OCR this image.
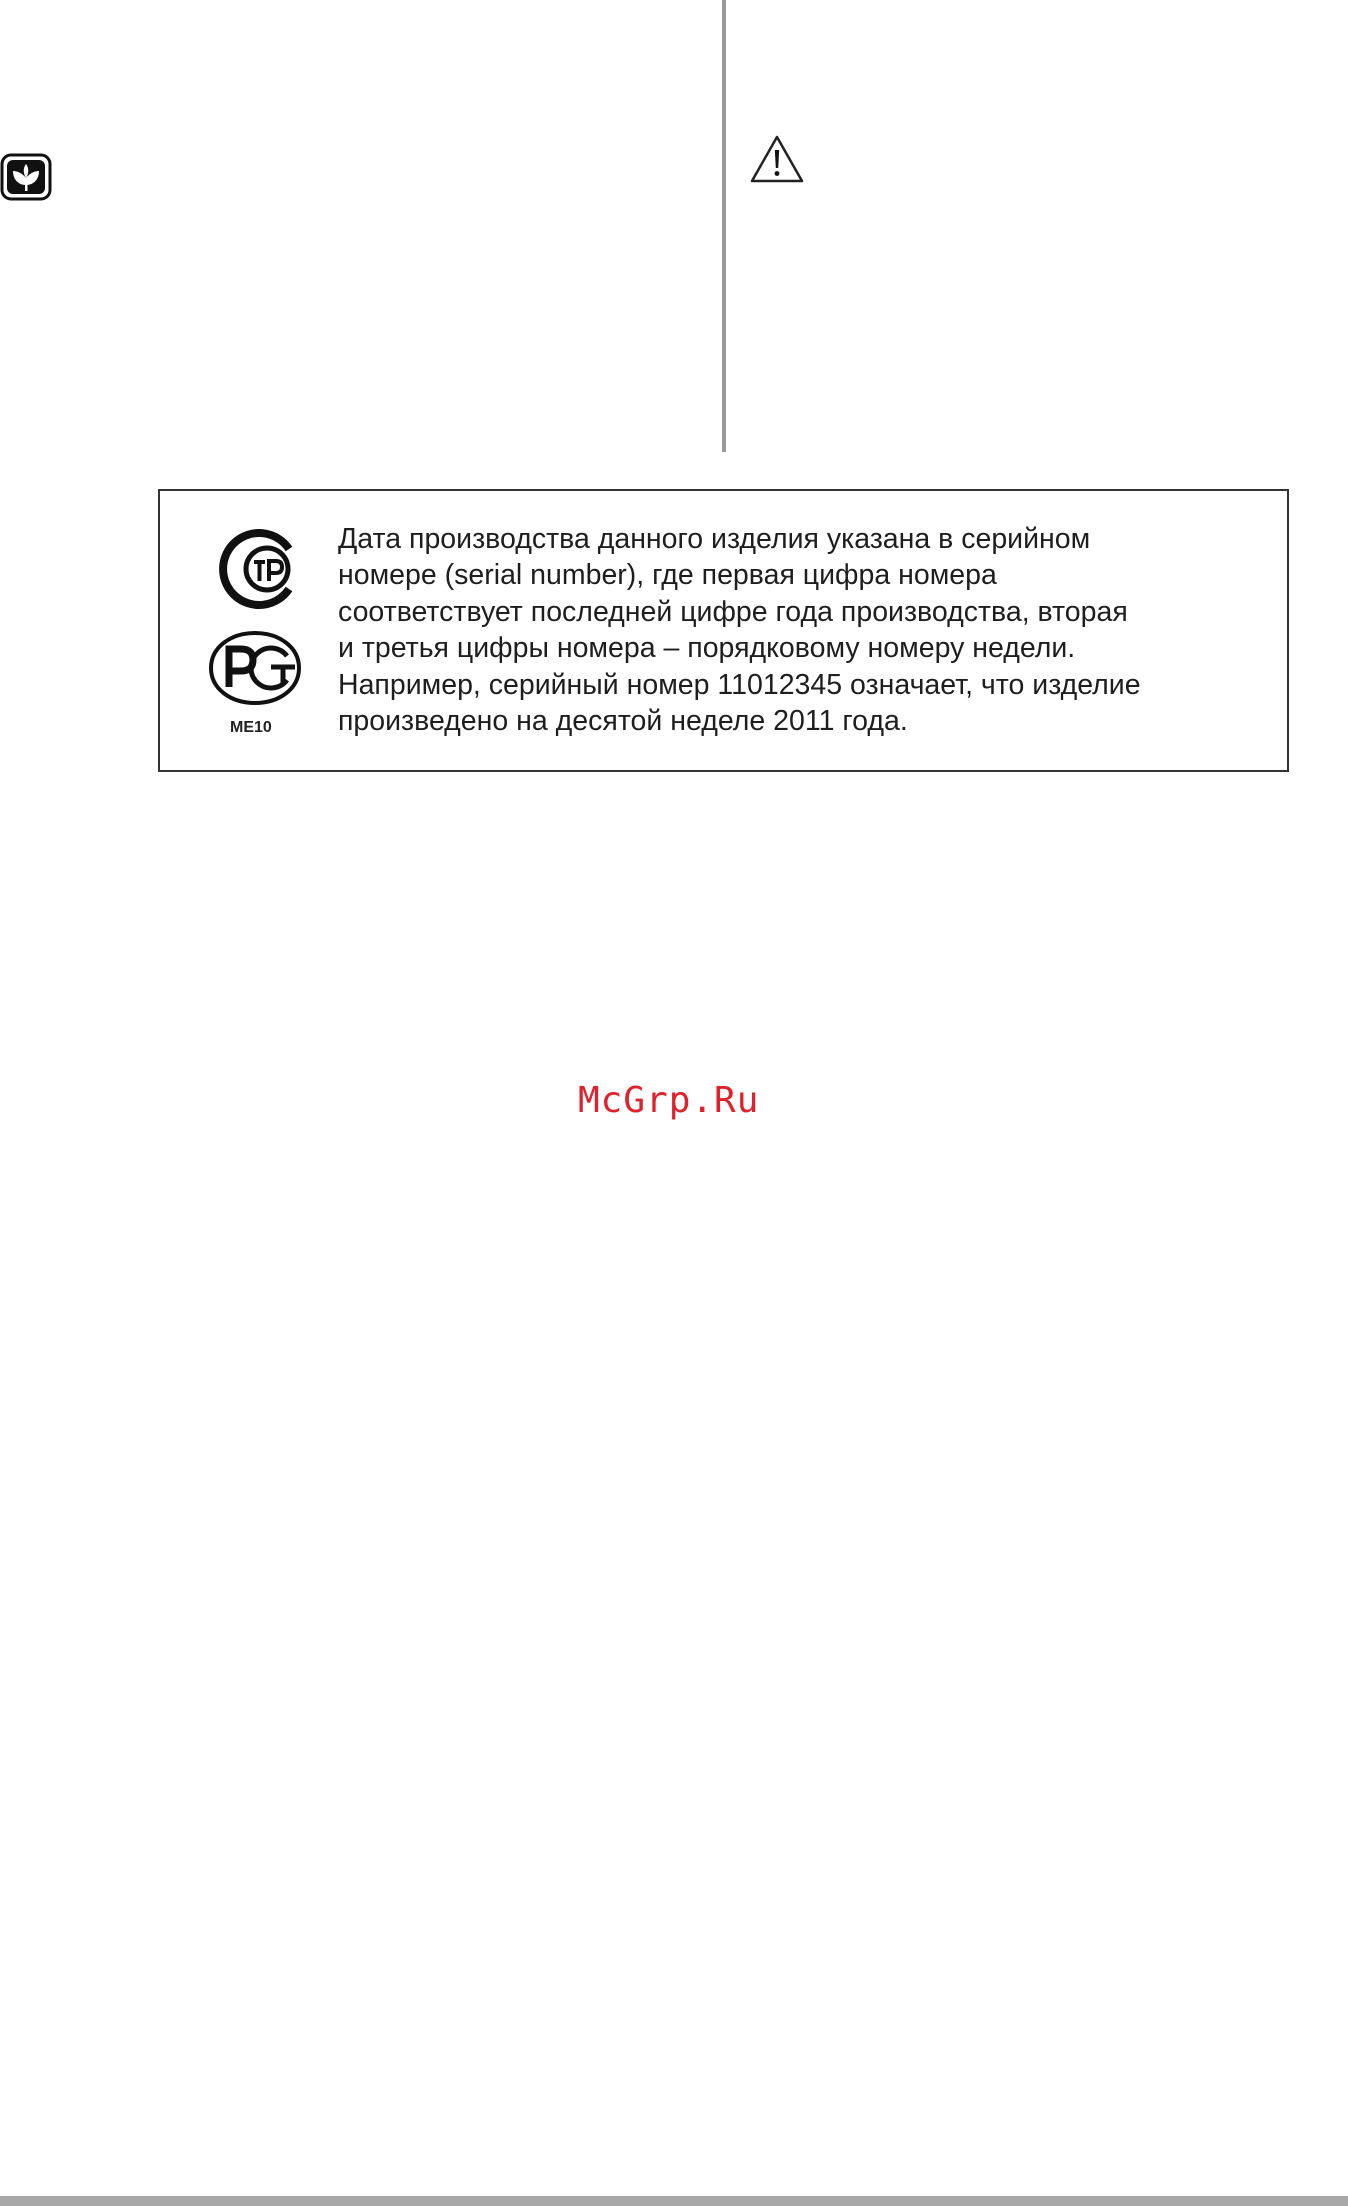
ME10

Дата производства данного изделия указана в серийном

номере (serial number), где первая цифра номера

соответствует последней цифре года производства, вторая

и третья цифры номера – порядковому номеру недели.

Например, серийный номер 11012345 означает, что изделие

произведено на десятой неделе 2011 года.

McGrp.Ru
